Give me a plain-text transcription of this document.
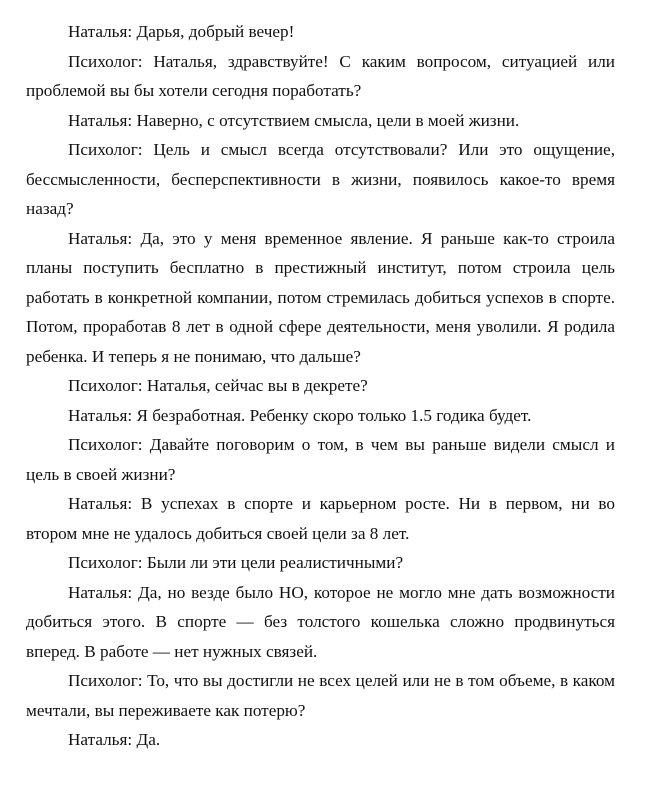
Наталья: Дарья, добрый вечер!

Психолог: Наталья, здравствуйте! С каким вопросом, ситуацией или проблемой вы бы хотели сегодня поработать?

Наталья: Наверно, с отсутствием смысла, цели в моей жизни.

Психолог: Цель и смысл всегда отсутствовали? Или это ощущение, бессмысленности, бесперспективности в жизни, появилось какое-то время назад?

Наталья: Да, это у меня временное явление. Я раньше как-то строила планы поступить бесплатно в престижный институт, потом строила цель работать в конкретной компании, потом стремилась добиться успехов в спорте. Потом, проработав 8 лет в одной сфере деятельности, меня уволили. Я родила ребенка. И теперь я не понимаю, что дальше?

Психолог: Наталья, сейчас вы в декрете?

Наталья: Я безработная. Ребенку скоро только 1.5 годика будет.

Психолог: Давайте поговорим о том, в чем вы раньше видели смысл и цель в своей жизни?

Наталья: В успехах в спорте и карьерном росте. Ни в первом, ни во втором мне не удалось добиться своей цели за 8 лет.

Психолог: Были ли эти цели реалистичными?

Наталья: Да, но везде было НО, которое не могло мне дать возможности добиться этого. В спорте — без толстого кошелька сложно продвинуться вперед. В работе — нет нужных связей.

Психолог: То, что вы достигли не всех целей или не в том объеме, в каком мечтали, вы переживаете как потерю?

Наталья: Да.
